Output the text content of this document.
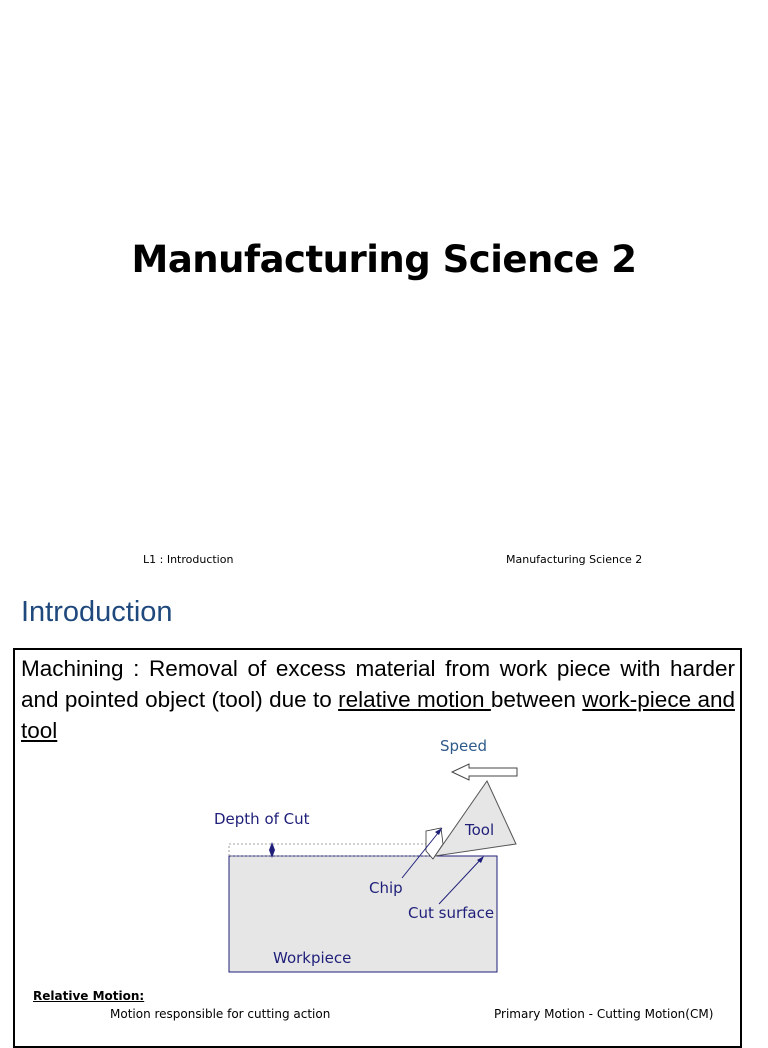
Manufacturing Science 2
L1 : Introduction	Manufacturing Science 2
Introduction
Machining : Removal of excess material from work piece with harder and pointed object (tool) due to relative motion between work-piece and tool
Speed
Depth of Cut
Tool
Chip
Cut surface
Workpiece
Relative Motion:
Motion responsible for cutting action	Primary Motion - Cutting Motion(CM)
